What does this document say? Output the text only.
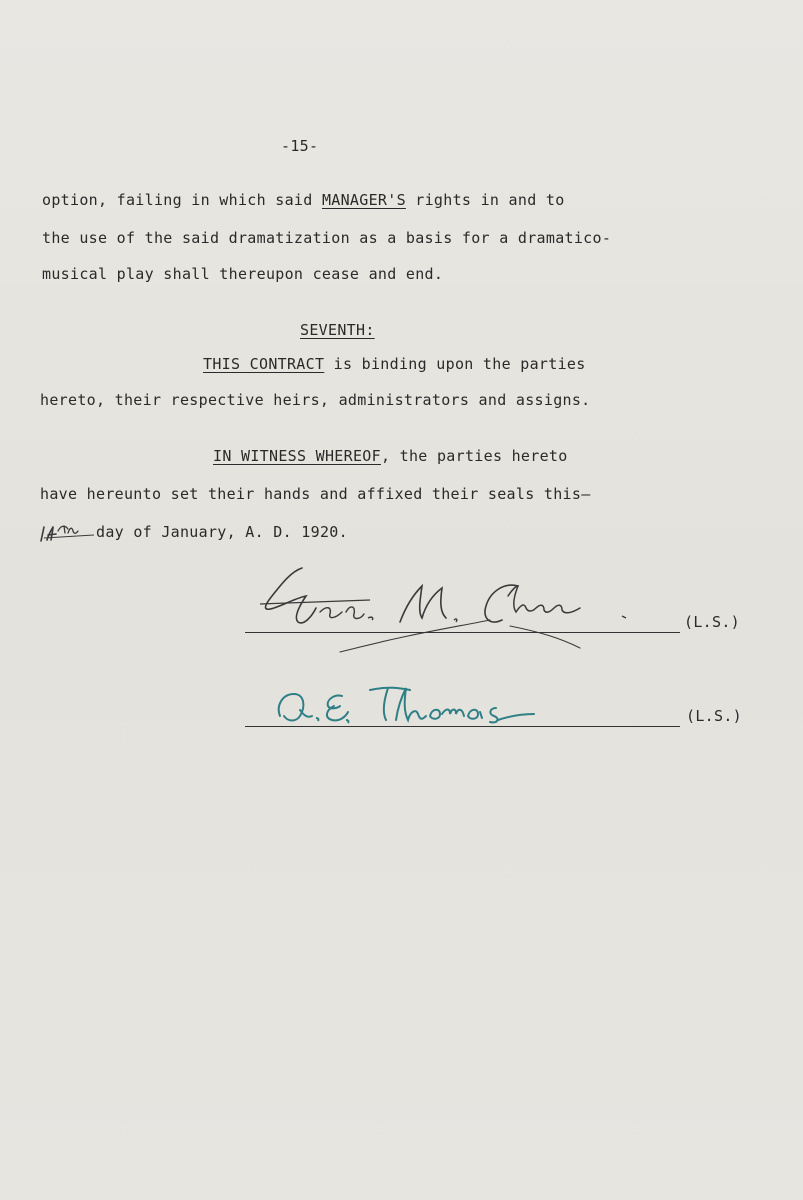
-15-
option, failing in which said MANAGER'S rights in and to
the use of the said dramatization as a basis for a dramatico-
musical play shall thereupon cease and end.
SEVENTH:
THIS CONTRACT is binding upon the parties
hereto, their respective heirs, administrators and assigns.
IN WITNESS WHEREOF, the parties hereto
have hereunto set their hands and affixed their seals this—
day of January, A. D. 1920.
(L.S.)
(L.S.)
